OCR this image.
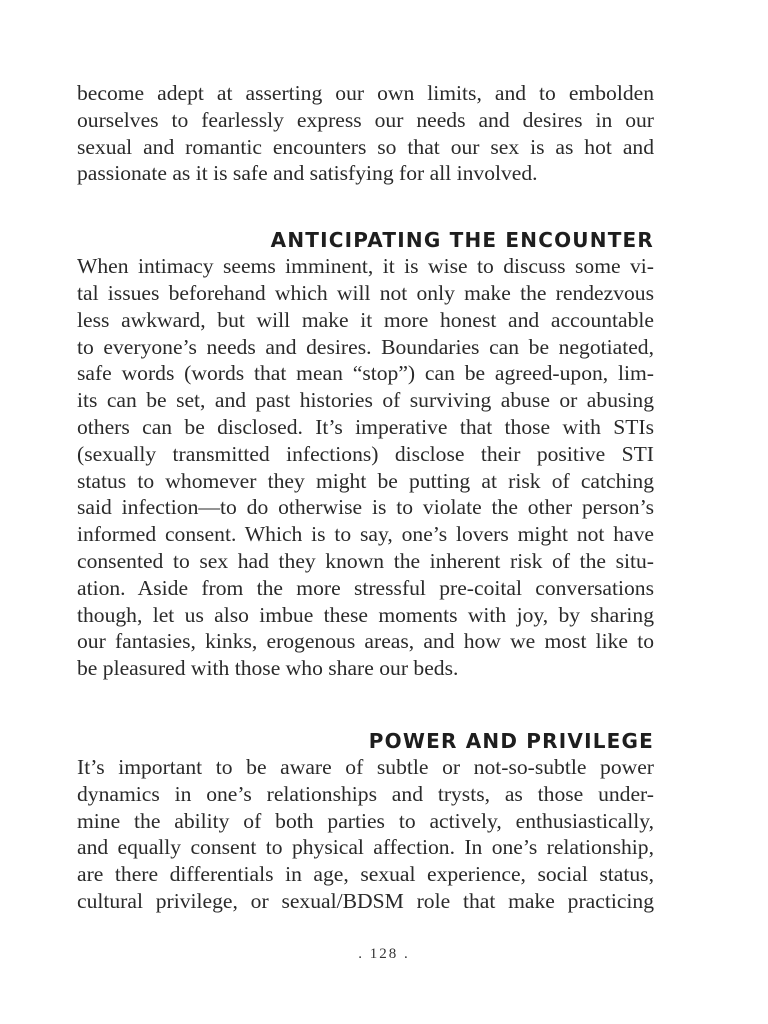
become adept at asserting our own limits, and to embolden
ourselves to fearlessly express our needs and desires in our
sexual and romantic encounters so that our sex is as hot and
passionate as it is safe and satisfying for all involved.

ANTICIPATING THE ENCOUNTER

When intimacy seems imminent, it is wise to discuss some vi-
tal issues beforehand which will not only make the rendezvous
less awkward, but will make it more honest and accountable
to everyone’s needs and desires. Boundaries can be negotiated,
safe words (words that mean “stop”) can be agreed-upon, lim-
its can be set, and past histories of surviving abuse or abusing
others can be disclosed. It’s imperative that those with STIs
(sexually transmitted infections) disclose their positive STI
status to whomever they might be putting at risk of catching
said infection—to do otherwise is to violate the other person’s
informed consent. Which is to say, one’s lovers might not have
consented to sex had they known the inherent risk of the situ-
ation. Aside from the more stressful pre-coital conversations
though, let us also imbue these moments with joy, by sharing
our fantasies, kinks, erogenous areas, and how we most like to
be pleasured with those who share our beds.

POWER AND PRIVILEGE

It’s important to be aware of subtle or not-so-subtle power
dynamics in one’s relationships and trysts, as those under-
mine the ability of both parties to actively, enthusiastically,
and equally consent to physical affection. In one’s relationship,
are there differentials in age, sexual experience, social status,
cultural privilege, or sexual/BDSM role that make practicing

. 128 .
